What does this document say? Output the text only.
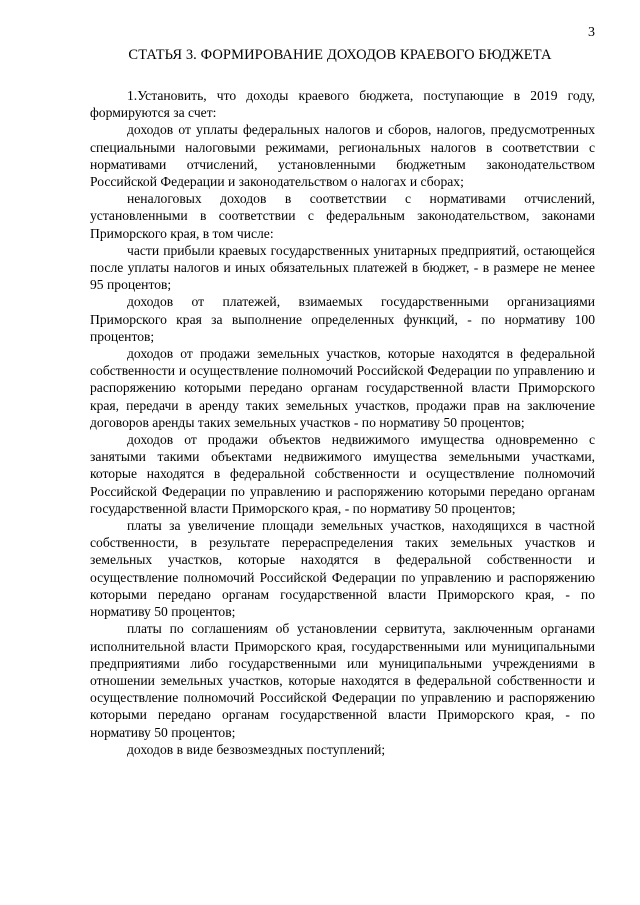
3
СТАТЬЯ 3. ФОРМИРОВАНИЕ ДОХОДОВ КРАЕВОГО БЮДЖЕТА

1.Установить, что доходы краевого бюджета, поступающие в 2019 году, формируются за счет:

доходов от уплаты федеральных налогов и сборов, налогов, предусмотренных специальными налоговыми режимами, региональных налогов в соответствии с нормативами отчислений, установленными бюджетным законодательством Российской Федерации и законодательством о налогах и сборах;

неналоговых доходов в соответствии с нормативами отчислений, установленными в соответствии с федеральным законодательством, законами Приморского края, в том числе:

части прибыли краевых государственных унитарных предприятий, остающейся после уплаты налогов и иных обязательных платежей в бюджет, - в размере не менее 95 процентов;

доходов от платежей, взимаемых государственными организациями Приморского края за выполнение определенных функций, - по нормативу 100 процентов;

доходов от продажи земельных участков, которые находятся в федеральной собственности и осуществление полномочий Российской Федерации по управлению и распоряжению которыми передано органам государственной власти Приморского края, передачи в аренду таких земельных участков, продажи прав на заключение договоров аренды таких земельных участков - по нормативу 50 процентов;

доходов от продажи объектов недвижимого имущества одновременно с занятыми такими объектами недвижимого имущества земельными участками, которые находятся в федеральной собственности и осуществление полномочий Российской Федерации по управлению и распоряжению которыми передано органам государственной власти Приморского края, - по нормативу 50 процентов;

платы за увеличение площади земельных участков, находящихся в частной собственности, в результате перераспределения таких земельных участков и земельных участков, которые находятся в федеральной собственности и осуществление полномочий Российской Федерации по управлению и распоряжению которыми передано органам государственной власти Приморского края, - по нормативу 50 процентов;

платы по соглашениям об установлении сервитута, заключенным органами исполнительной власти Приморского края, государственными или муниципальными предприятиями либо государственными или муниципальными учреждениями в отношении земельных участков, которые находятся в федеральной собственности и осуществление полномочий Российской Федерации по управлению и распоряжению которыми передано органам государственной власти Приморского края, - по нормативу 50 процентов;

доходов в виде безвозмездных поступлений;
